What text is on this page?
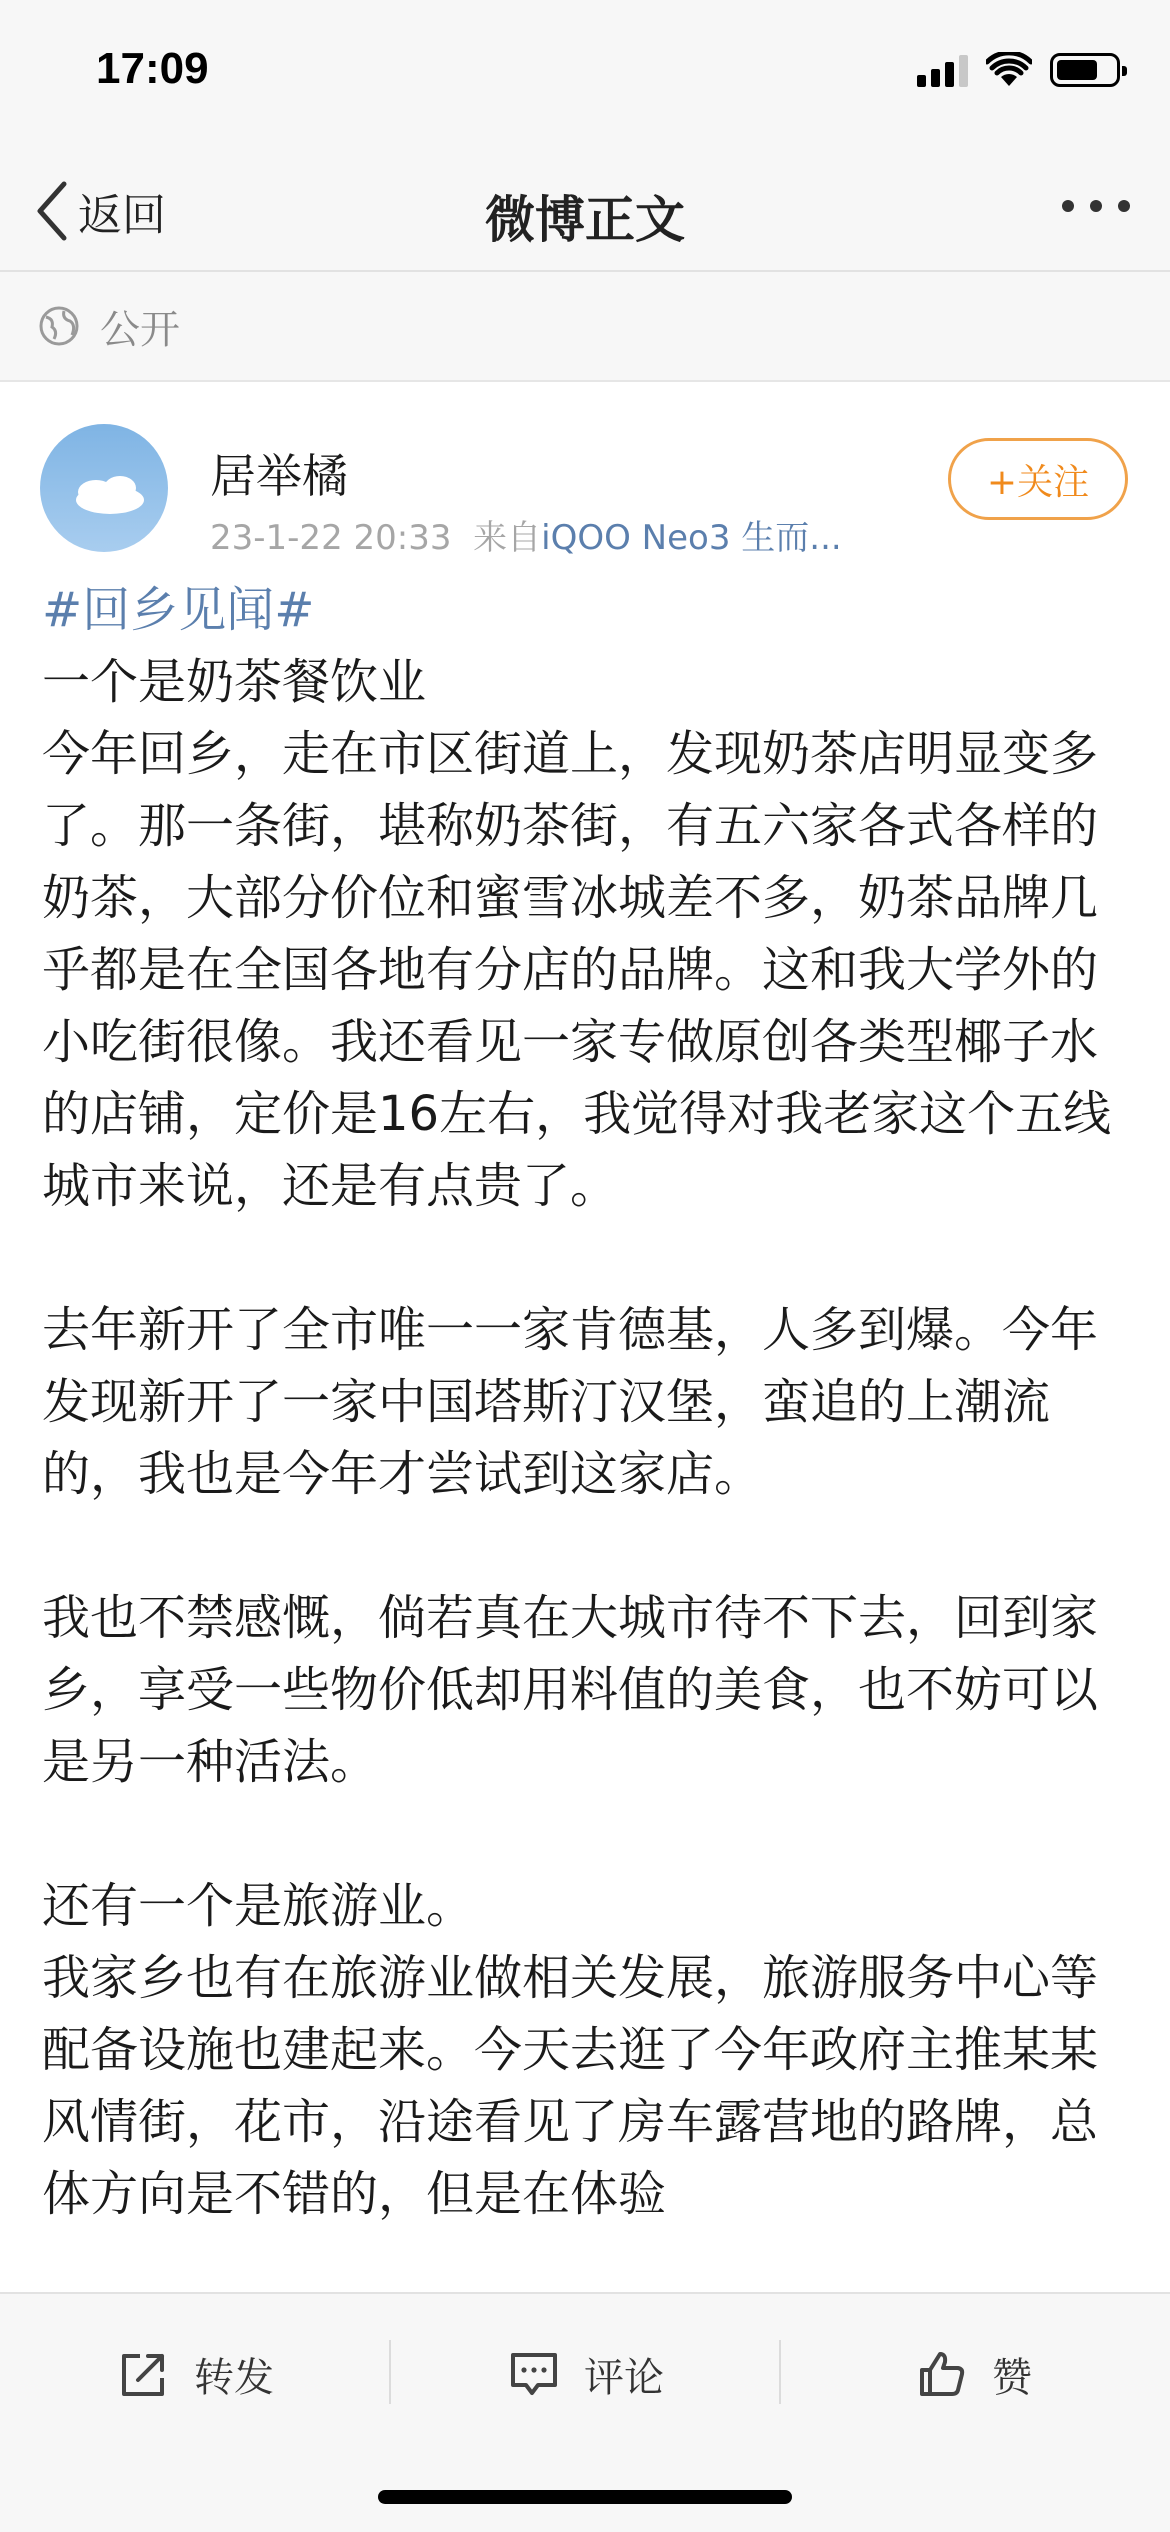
17:09
返回	微博正文
公开
居举橘
23-1-22 20:33 来自iQOO Neo3 生而...
+关注

#回乡见闻#

一个是奶茶餐饮业

今年回乡，走在市区街道上，发现奶茶店明显变多了。那一条街，堪称奶茶街，有五六家各式各样的奶茶，大部分价位和蜜雪冰城差不多，奶茶品牌几乎都是在全国各地有分店的品牌。这和我大学外的小吃街很像。我还看见一家专做原创各类型椰子水的店铺，定价是16左右，我觉得对我老家这个五线城市来说，还是有点贵了。

去年新开了全市唯一一家肯德基，人多到爆。今年发现新开了一家中国塔斯汀汉堡，蛮追的上潮流的，我也是今年才尝试到这家店。

我也不禁感慨，倘若真在大城市待不下去，回到家乡，享受一些物价低却用料值的美食，也不妨可以是另一种活法。

还有一个是旅游业。

我家乡也有在旅游业做相关发展，旅游服务中心等配备设施也建起来。今天去逛了今年政府主推某某风情街，花市，沿途看见了房车露营地的路牌，总体方向是不错的，但是在体验

转发	评论	赞
